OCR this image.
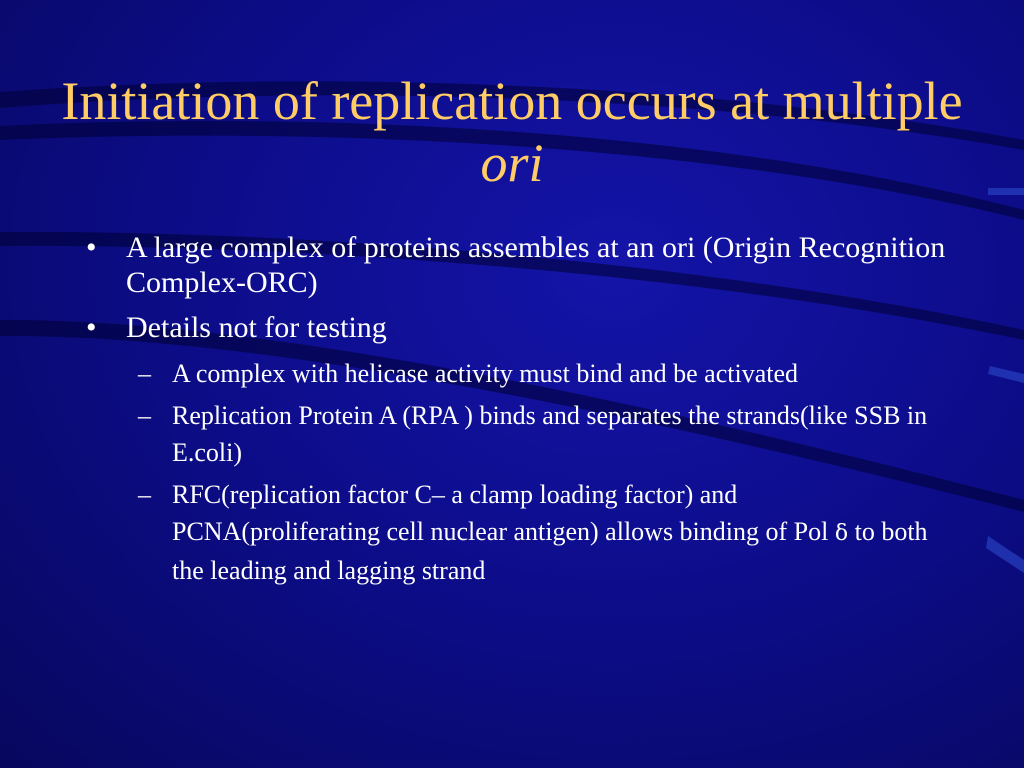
Initiation of replication occurs at multiple ori
• A large complex of proteins assembles at an ori (Origin Recognition Complex-ORC)
• Details not for testing
– A complex with helicase activity must bind and be activated
– Replication Protein A (RPA ) binds and separates the strands(like SSB in E.coli)
– RFC(replication factor C– a clamp loading factor) and PCNA(proliferating cell nuclear antigen) allows binding of Pol δ to both the leading and lagging strand
